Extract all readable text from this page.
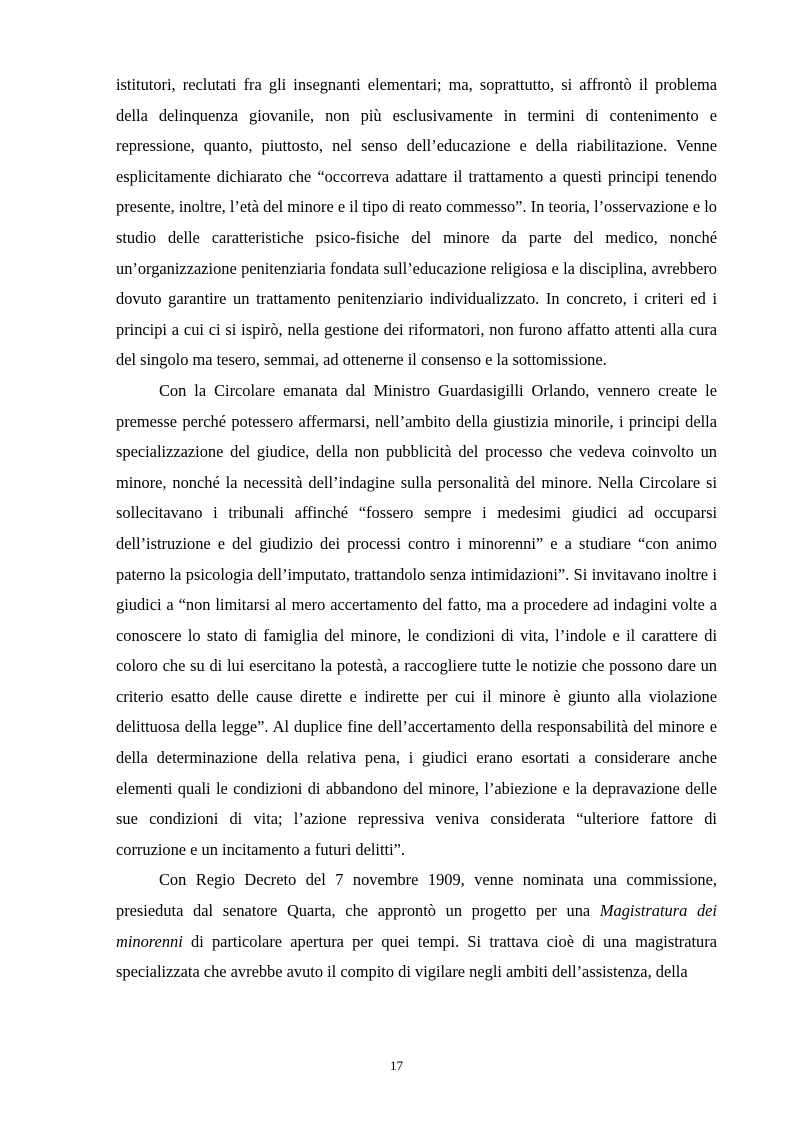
istitutori, reclutati fra gli insegnanti elementari; ma, soprattutto, si affrontò il problema della delinquenza giovanile, non più esclusivamente in termini di contenimento e repressione, quanto, piuttosto, nel senso dell’educazione e della riabilitazione. Venne esplicitamente dichiarato che “occorreva adattare il trattamento a questi principi tenendo presente, inoltre, l’età del minore e il tipo di reato commesso”. In teoria, l’osservazione e lo studio delle caratteristiche psico-fisiche del minore da parte del medico, nonché un’organizzazione penitenziaria fondata sull’educazione religiosa e la disciplina, avrebbero dovuto garantire un trattamento penitenziario individualizzato. In concreto, i criteri ed i principi a cui ci si ispirò, nella gestione dei riformatori, non furono affatto attenti alla cura del singolo ma tesero, semmai, ad ottenerne il consenso e la sottomissione.

Con la Circolare emanata dal Ministro Guardasigilli Orlando, vennero create le premesse perché potessero affermarsi, nell’ambito della giustizia minorile, i principi della specializzazione del giudice, della non pubblicità del processo che vedeva coinvolto un minore, nonché la necessità dell’indagine sulla personalità del minore. Nella Circolare si sollecitavano i tribunali affinché “fossero sempre i medesimi giudici ad occuparsi dell’istruzione e del giudizio dei processi contro i minorenni” e a studiare “con animo paterno la psicologia dell’imputato, trattandolo senza intimidazioni”. Si invitavano inoltre i giudici a “non limitarsi al mero accertamento del fatto, ma a procedere ad indagini volte a conoscere lo stato di famiglia del minore, le condizioni di vita, l’indole e il carattere di coloro che su di lui esercitano la potestà, a raccogliere tutte le notizie che possono dare un criterio esatto delle cause dirette e indirette per cui il minore è giunto alla violazione delittuosa della legge”. Al duplice fine dell’accertamento della responsabilità del minore e della determinazione della relativa pena, i giudici erano esortati a considerare anche elementi quali le condizioni di abbandono del minore, l’abiezione e la depravazione delle sue condizioni di vita; l’azione repressiva veniva considerata “ulteriore fattore di corruzione e un incitamento a futuri delitti”.

Con Regio Decreto del 7 novembre 1909, venne nominata una commissione, presieduta dal senatore Quarta, che approntò un progetto per una Magistratura dei minorenni di particolare apertura per quei tempi. Si trattava cioè di una magistratura specializzata che avrebbe avuto il compito di vigilare negli ambiti dell’assistenza, della

17
